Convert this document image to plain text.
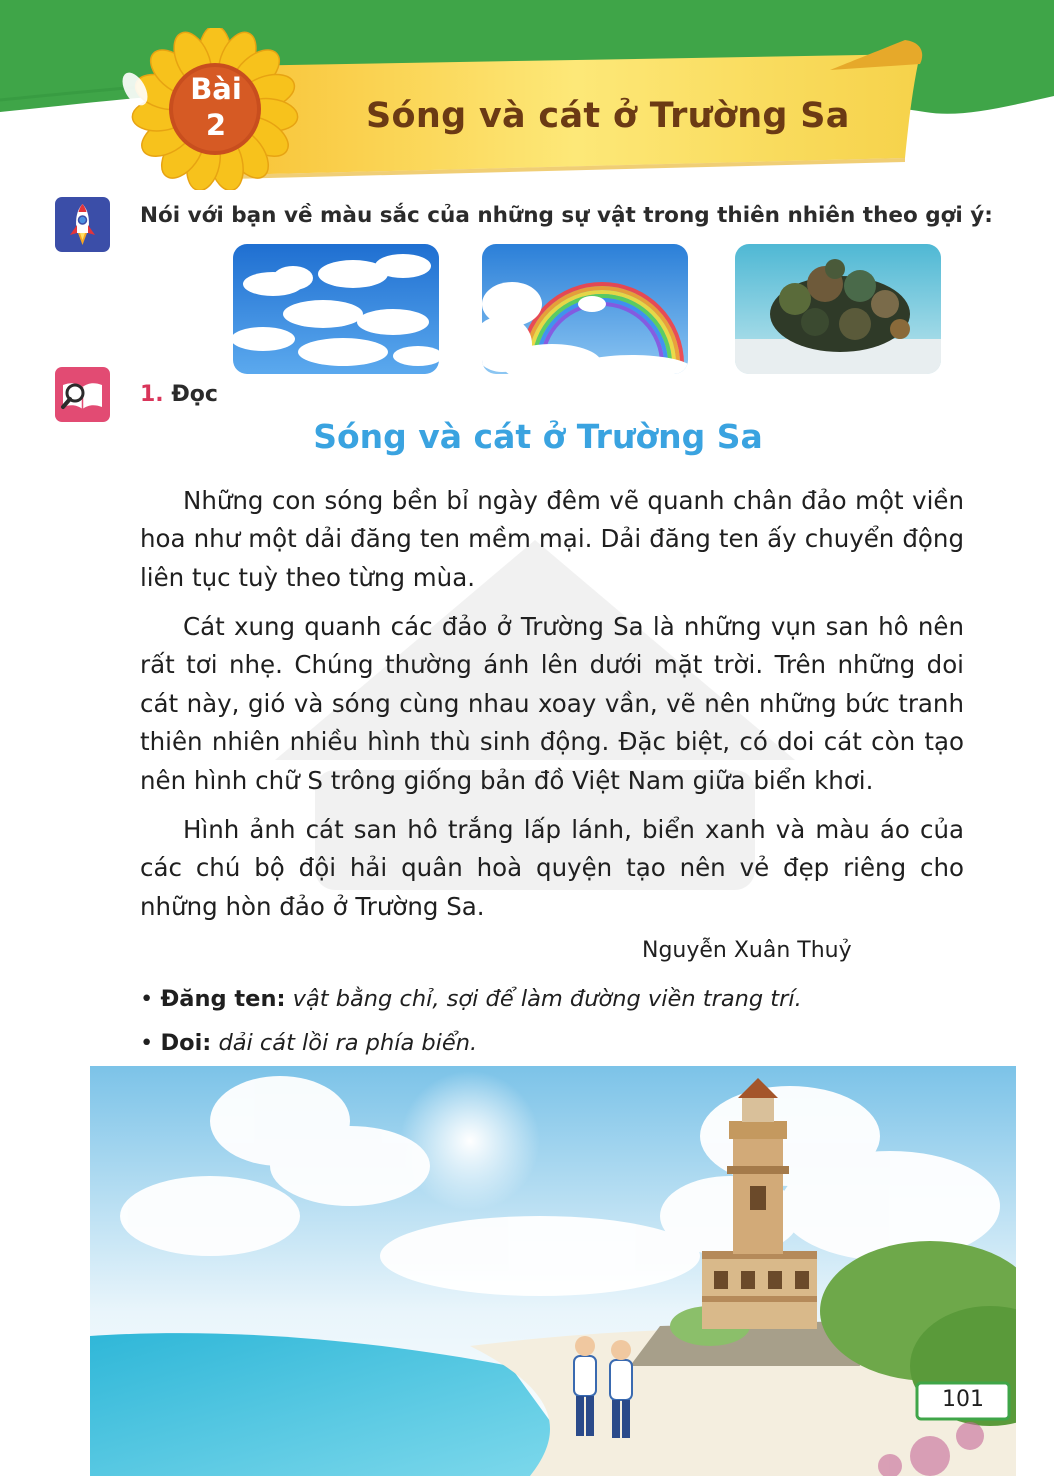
Bài
2	Sóng và cát ở Trường Sa
Nói với bạn về màu sắc của những sự vật trong thiên nhiên theo gợi ý:
1. Đọc
Sóng và cát ở Trường Sa

Những con sóng bền bỉ ngày đêm vẽ quanh chân đảo một viền hoa như một dải đăng ten mềm mại. Dải đăng ten ấy chuyển động liên tục tuỳ theo từng mùa.

Cát xung quanh các đảo ở Trường Sa là những vụn san hô nên rất tơi nhẹ. Chúng thường ánh lên dưới mặt trời. Trên những doi cát này, gió và sóng cùng nhau xoay vần, vẽ nên những bức tranh thiên nhiên nhiều hình thù sinh động. Đặc biệt, có doi cát còn tạo nên hình chữ S trông giống bản đồ Việt Nam giữa biển khơi.

Hình ảnh cát san hô trắng lấp lánh, biển xanh và màu áo của các chú bộ đội hải quân hoà quyện tạo nên vẻ đẹp riêng cho những hòn đảo ở Trường Sa.

Nguyễn Xuân Thuỷ
• Đăng ten: vật bằng chỉ, sợi để làm đường viền trang trí.
• Doi: dải cát lồi ra phía biển.
101
